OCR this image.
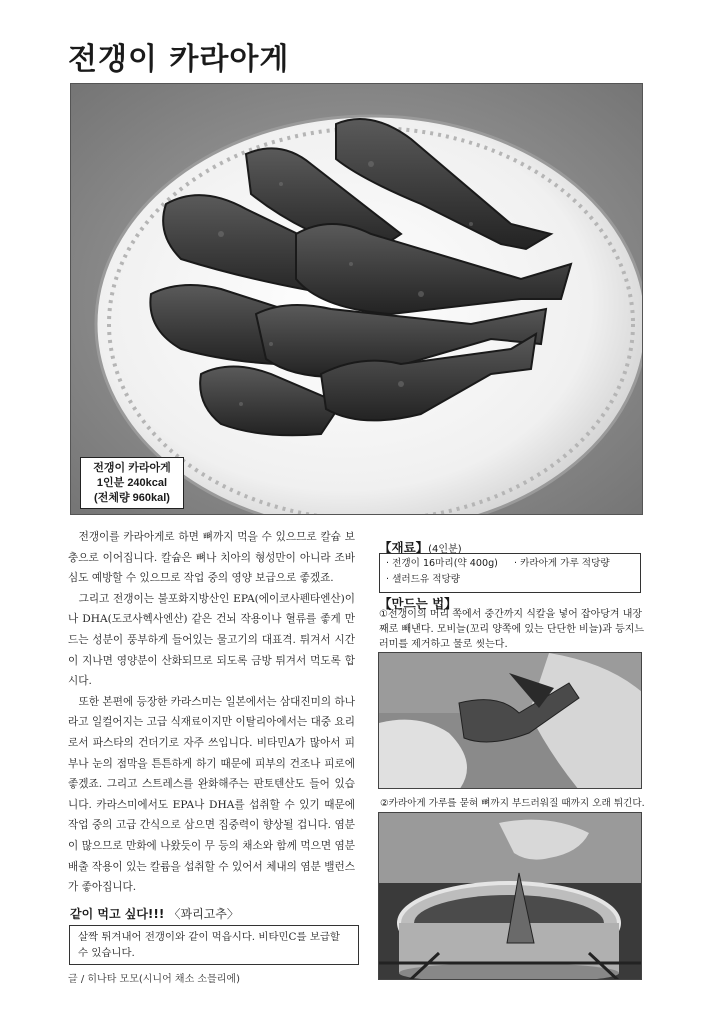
전갱이 카라아게
전갱이 카라아게
1인분 240kcal
(전체량 960kal)

전갱이를 카라아게로 하면 뼈까지 먹을 수 있으므로 칼슘 보충으로 이어집니다. 칼슘은 뼈나 치아의 형성만이 아니라 조바심도 예방할 수 있으므로 작업 중의 영양 보급으로 좋겠죠.

그리고 전갱이는 불포화지방산인 EPA(에이코사펜타엔산)이나 DHA(도코사헥사엔산) 같은 건뇌 작용이나 혈류를 좋게 만드는 성분이 풍부하게 들어있는 물고기의 대표격. 튀겨서 시간이 지나면 영양분이 산화되므로 되도록 금방 튀겨서 먹도록 합시다.

또한 본편에 등장한 카라스미는 일본에서는 삼대진미의 하나라고 일컬어지는 고급 식재료이지만 이탈리아에서는 대중 요리로서 파스타의 건더기로 자주 쓰입니다. 비타민A가 많아서 피부나 눈의 점막을 튼튼하게 하기 때문에 피부의 건조나 피로에 좋겠죠. 그리고 스트레스를 완화해주는 판토텐산도 들어 있습니다. 카라스미에서도 EPA나 DHA를 섭취할 수 있기 때문에 작업 중의 고급 간식으로 삼으면 집중력이 향상될 겁니다. 염분이 많으므로 만화에 나왔듯이 무 등의 채소와 함께 먹으면 염분 배출 작용이 있는 칼륨을 섭취할 수 있어서 체내의 염분 밸런스가 좋아집니다.

같이 먹고 싶다!!! 〈꽈리고추〉
살짝 튀겨내어 전갱이와 같이 먹읍시다. 비타민C를 보급할 수 있습니다.
글 / 히나타 모모(시니어 채소 소믈리에)
【재료】(4인분)
· 전갱이 16마리(약 400g)	· 카라아게 가루 적당량
· 샐러드유 적당량
【만드는 법】
①전갱이의 머리 쪽에서 중간까지 식칼을 넣어 잡아당겨 내장째로 빼낸다. 모비늘(꼬리 양쪽에 있는 단단한 비늘)과 등지느러미를 제거하고 물로 씻는다.
②카라아게 가루를 묻혀 뼈까지 부드러워질 때까지 오래 튀긴다.
